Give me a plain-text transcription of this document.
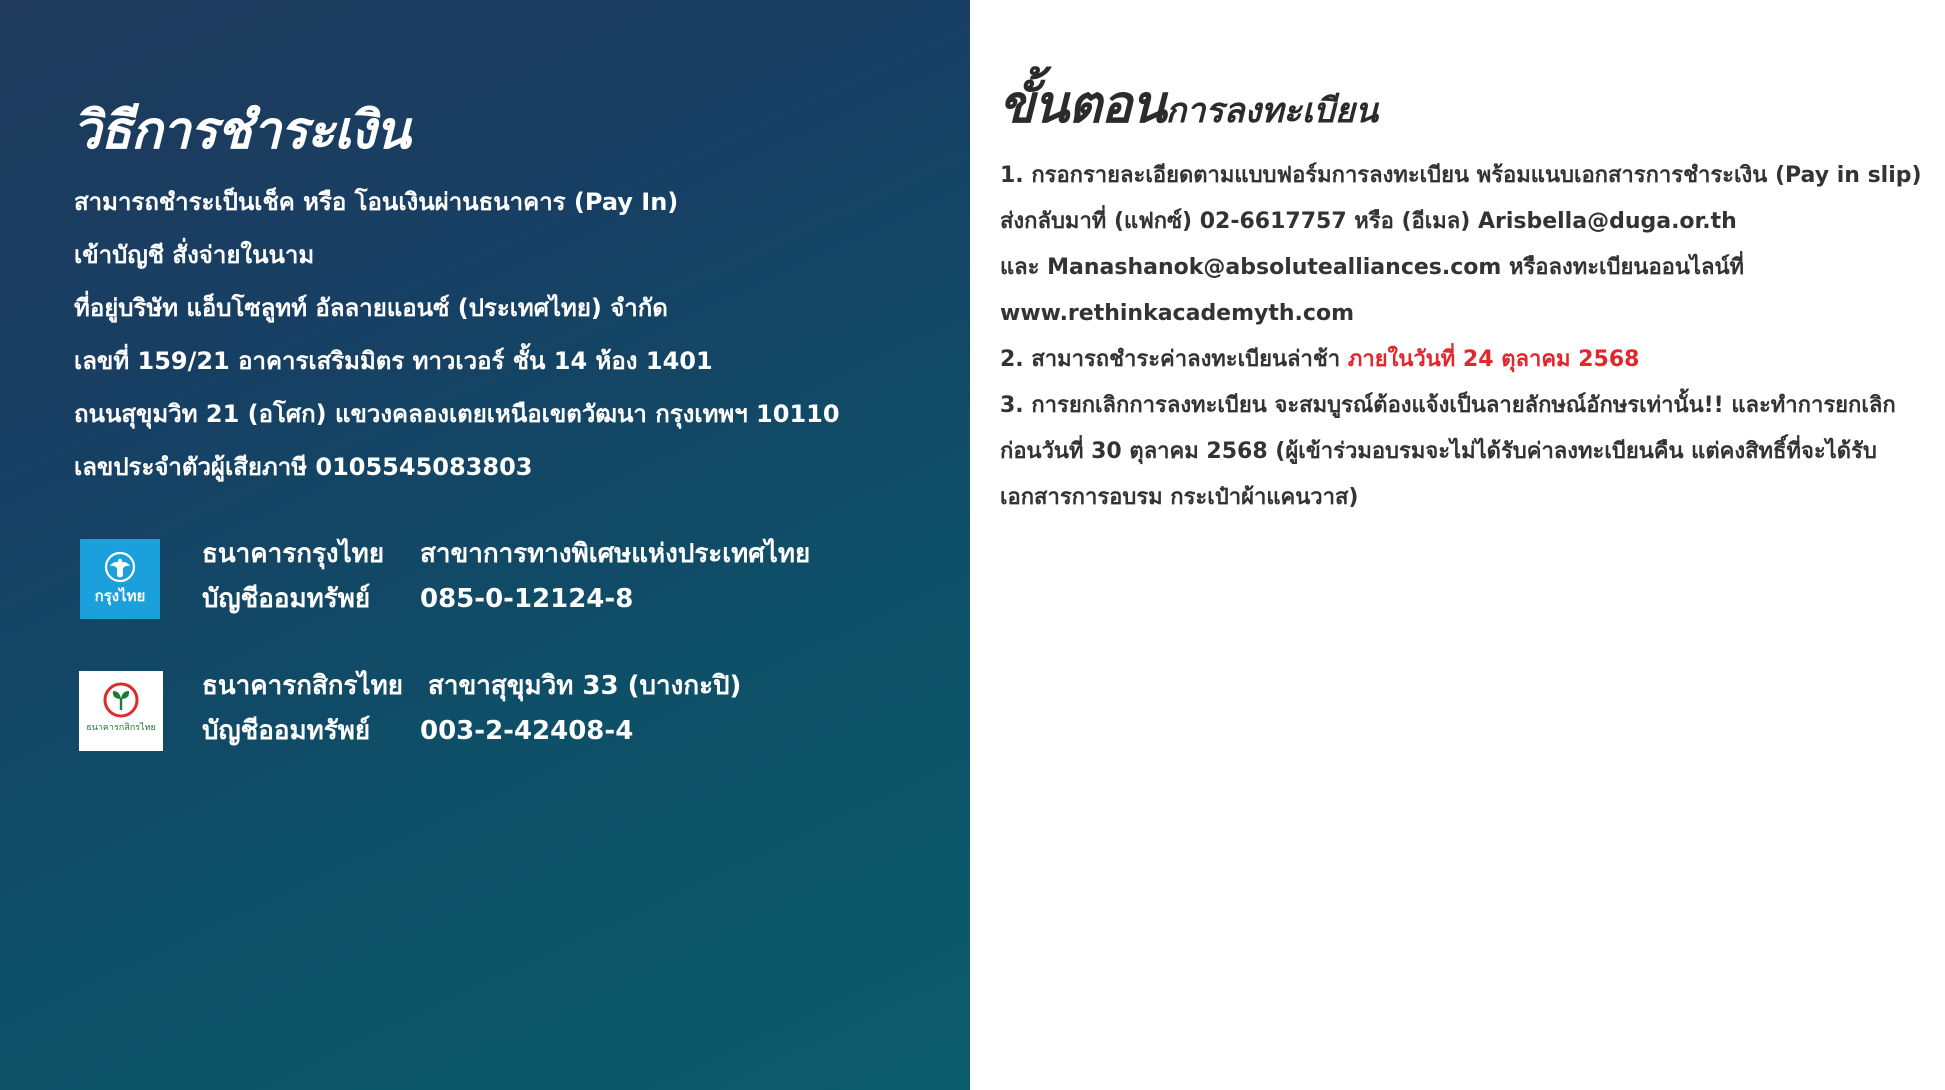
วิธีการชำระเงิน
สามารถชำระเป็นเช็ค หรือ โอนเงินผ่านธนาคาร (Pay In)
เข้าบัญชี สั่งจ่ายในนาม
ที่อยู่บริษัท แอ็บโซลูทท์ อัลลายแอนซ์ (ประเทศไทย) จำกัด
เลขที่ 159/21 อาคารเสริมมิตร ทาวเวอร์ ชั้น 14 ห้อง 1401
ถนนสุขุมวิท 21 (อโศก) แขวงคลองเตยเหนือเขตวัฒนา กรุงเทพฯ 10110
เลขประจำตัวผู้เสียภาษี 0105545083803
กรุงไทย
ธนาคารกรุงไทย สาขาการทางพิเศษแห่งประเทศไทย
บัญชีออมทรัพย์ 085-0-12124-8
ธนาคารกสิกรไทย
ธนาคารกสิกรไทย สาขาสุขุมวิท 33 (บางกะปิ)
บัญชีออมทรัพย์ 003-2-42408-4
ขั้นตอนการลงทะเบียน
1. กรอกรายละเอียดตามแบบฟอร์มการลงทะเบียน พร้อมแนบเอกสารการชำระเงิน (Pay in slip)
ส่งกลับมาที่ (แฟกซ์) 02-6617757 หรือ (อีเมล) Arisbella@duga.or.th
และ Manashanok@absolutealliances.com หรือลงทะเบียนออนไลน์ที่
www.rethinkacademyth.com
2. สามารถชำระค่าลงทะเบียนล่าช้า ภายในวันที่ 24 ตุลาคม 2568
3. การยกเลิกการลงทะเบียน จะสมบูรณ์ต้องแจ้งเป็นลายลักษณ์อักษรเท่านั้น!! และทำการยกเลิก
ก่อนวันที่ 30 ตุลาคม 2568 (ผู้เข้าร่วมอบรมจะไม่ได้รับค่าลงทะเบียนคืน แต่คงสิทธิ์ที่จะได้รับ
เอกสารการอบรม กระเป๋าผ้าแคนวาส)
